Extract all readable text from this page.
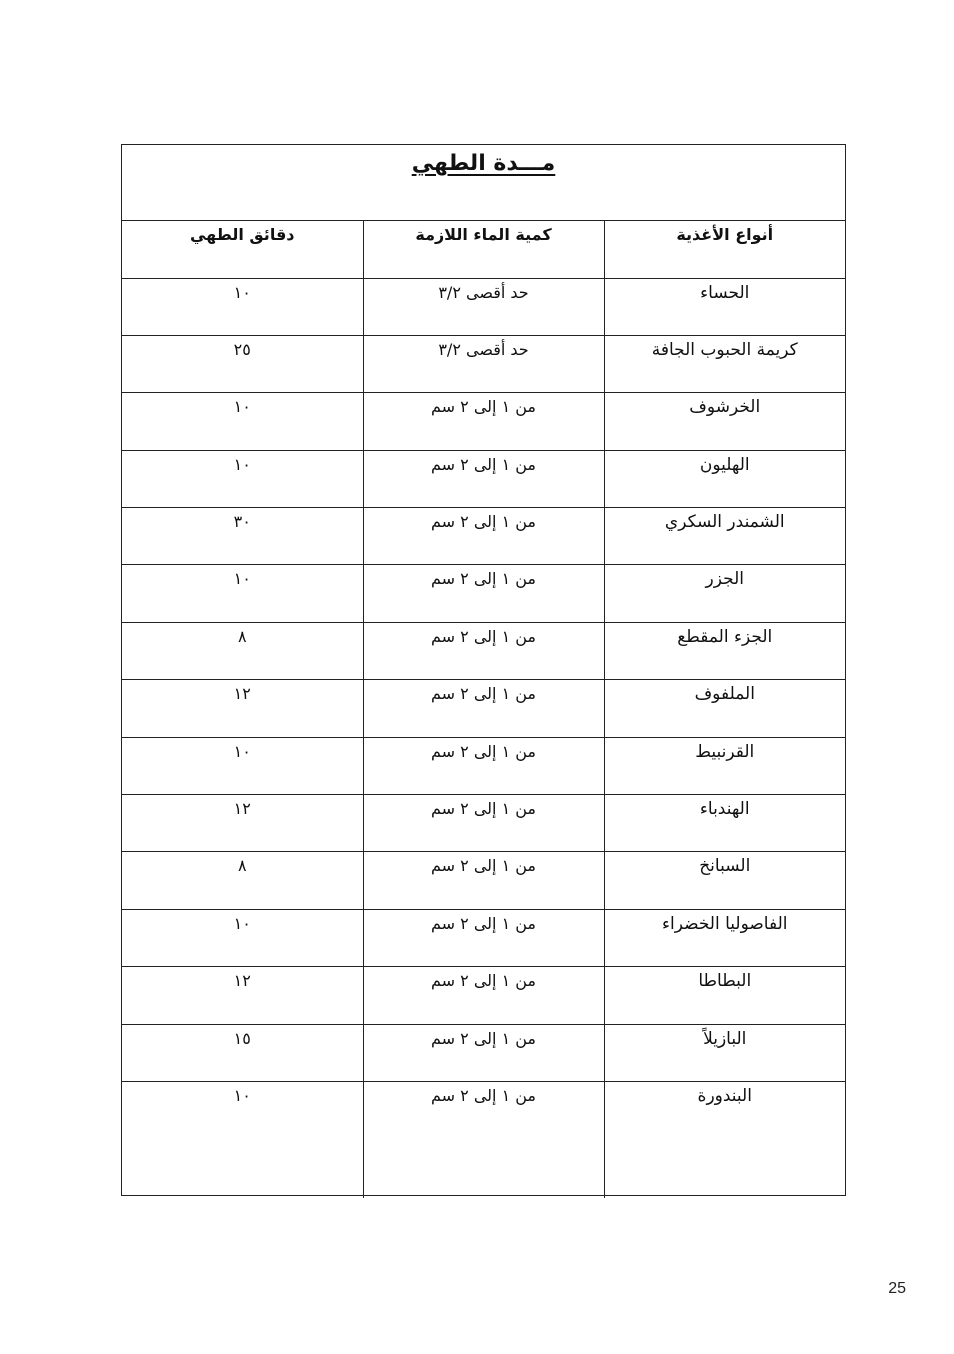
مـــدة الطهي
أنواع الأغذية	كمية الماء اللازمة	دقائق الطهي
الحساء	حد أقصى ٣/٢	١٠
كريمة الحبوب الجافة	حد أقصى ٣/٢	٢٥
الخرشوف	من ١ إلى ٢ سم	١٠
الهليون	من ١ إلى ٢ سم	١٠
الشمندر السكري	من ١ إلى ٢ سم	٣٠
الجزر	من ١ إلى ٢ سم	١٠
الجزء المقطع	من ١ إلى ٢ سم	٨
الملفوف	من ١ إلى ٢ سم	١٢
القرنبيط	من ١ إلى ٢ سم	١٠
الهندباء	من ١ إلى ٢ سم	١٢
السبانخ	من ١ إلى ٢ سم	٨
الفاصوليا الخضراء	من ١ إلى ٢ سم	١٠
البطاطا	من ١ إلى ٢ سم	١٢
البازيلاً	من ١ إلى ٢ سم	١٥
البندورة	من ١ إلى ٢ سم	١٠
25
